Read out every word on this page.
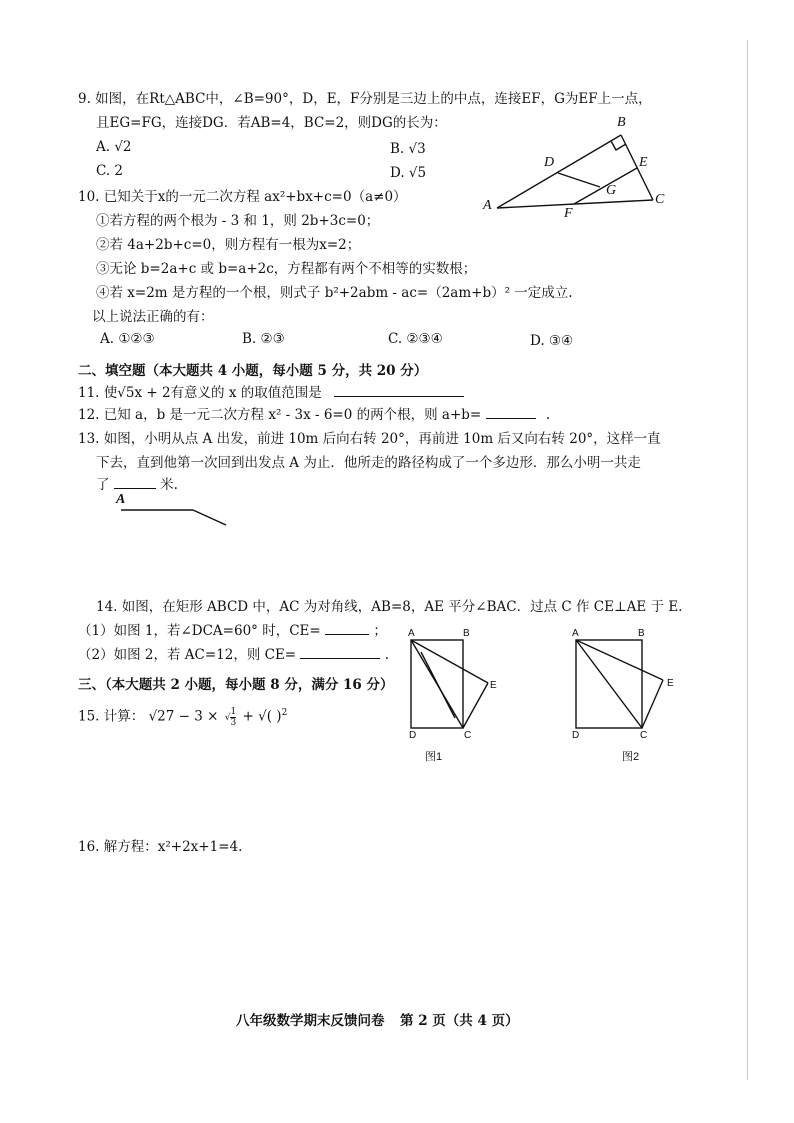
9. 如图，在Rt△ABC中，∠B=90°，D，E，F分别是三边上的中点，连接EF，G为EF上一点，
且EG=FG，连接DG．若AB=4，BC=2，则DG的长为：
A. √2	B. √3
C. 2	D. √5
B
D	E
G
A	C
F
10. 已知关于x的一元二次方程 ax²+bx+c=0（a≠0）
①若方程的两个根为 - 3 和 1，则 2b+3c=0；
②若 4a+2b+c=0，则方程有一根为x=2；
③无论 b=2a+c 或 b=a+2c，方程都有两个不相等的实数根；
④若 x=2m 是方程的一个根，则式子 b²+2abm - ac=（2am+b）² 一定成立.
以上说法正确的有：
A. ①②③	B. ②③	C. ②③④	D. ③④
二、填空题（本大题共 4 小题，每小题 5 分，共 20 分）
11. 使√5x + 2有意义的 x 的取值范围是
12. 已知 a，b 是一元二次方程 x² - 3x - 6=0 的两个根，则 a+b=	.
13. 如图，小明从点 A 出发，前进 10m 后向右转 20°，再前进 10m 后又向右转 20°，这样一直
下去，直到他第一次回到出发点 A 为止．他所走的路径构成了一个多边形．那么小明一共走
了	米.
A
14. 如图，在矩形 ABCD 中，AC 为对角线，AB=8，AE 平分∠BAC．过点 C 作 CE⊥AE 于 E.
（1）如图 1，若∠DCA=60° 时，CE=	；
（2）如图 2，若 AC=12，则 CE=	.
A	B
E
D	C
图1
A	B
E
D	C
图2
三、（本大题共 2 小题，每小题 8 分，满分 16 分）
15. 计算： √27 − 3 × √ $\frac{1}{3}$ + √( )$^2$
16. 解方程：x²+2x+1=4.
八年级数学期末反馈问卷 第 2 页（共 4 页）
